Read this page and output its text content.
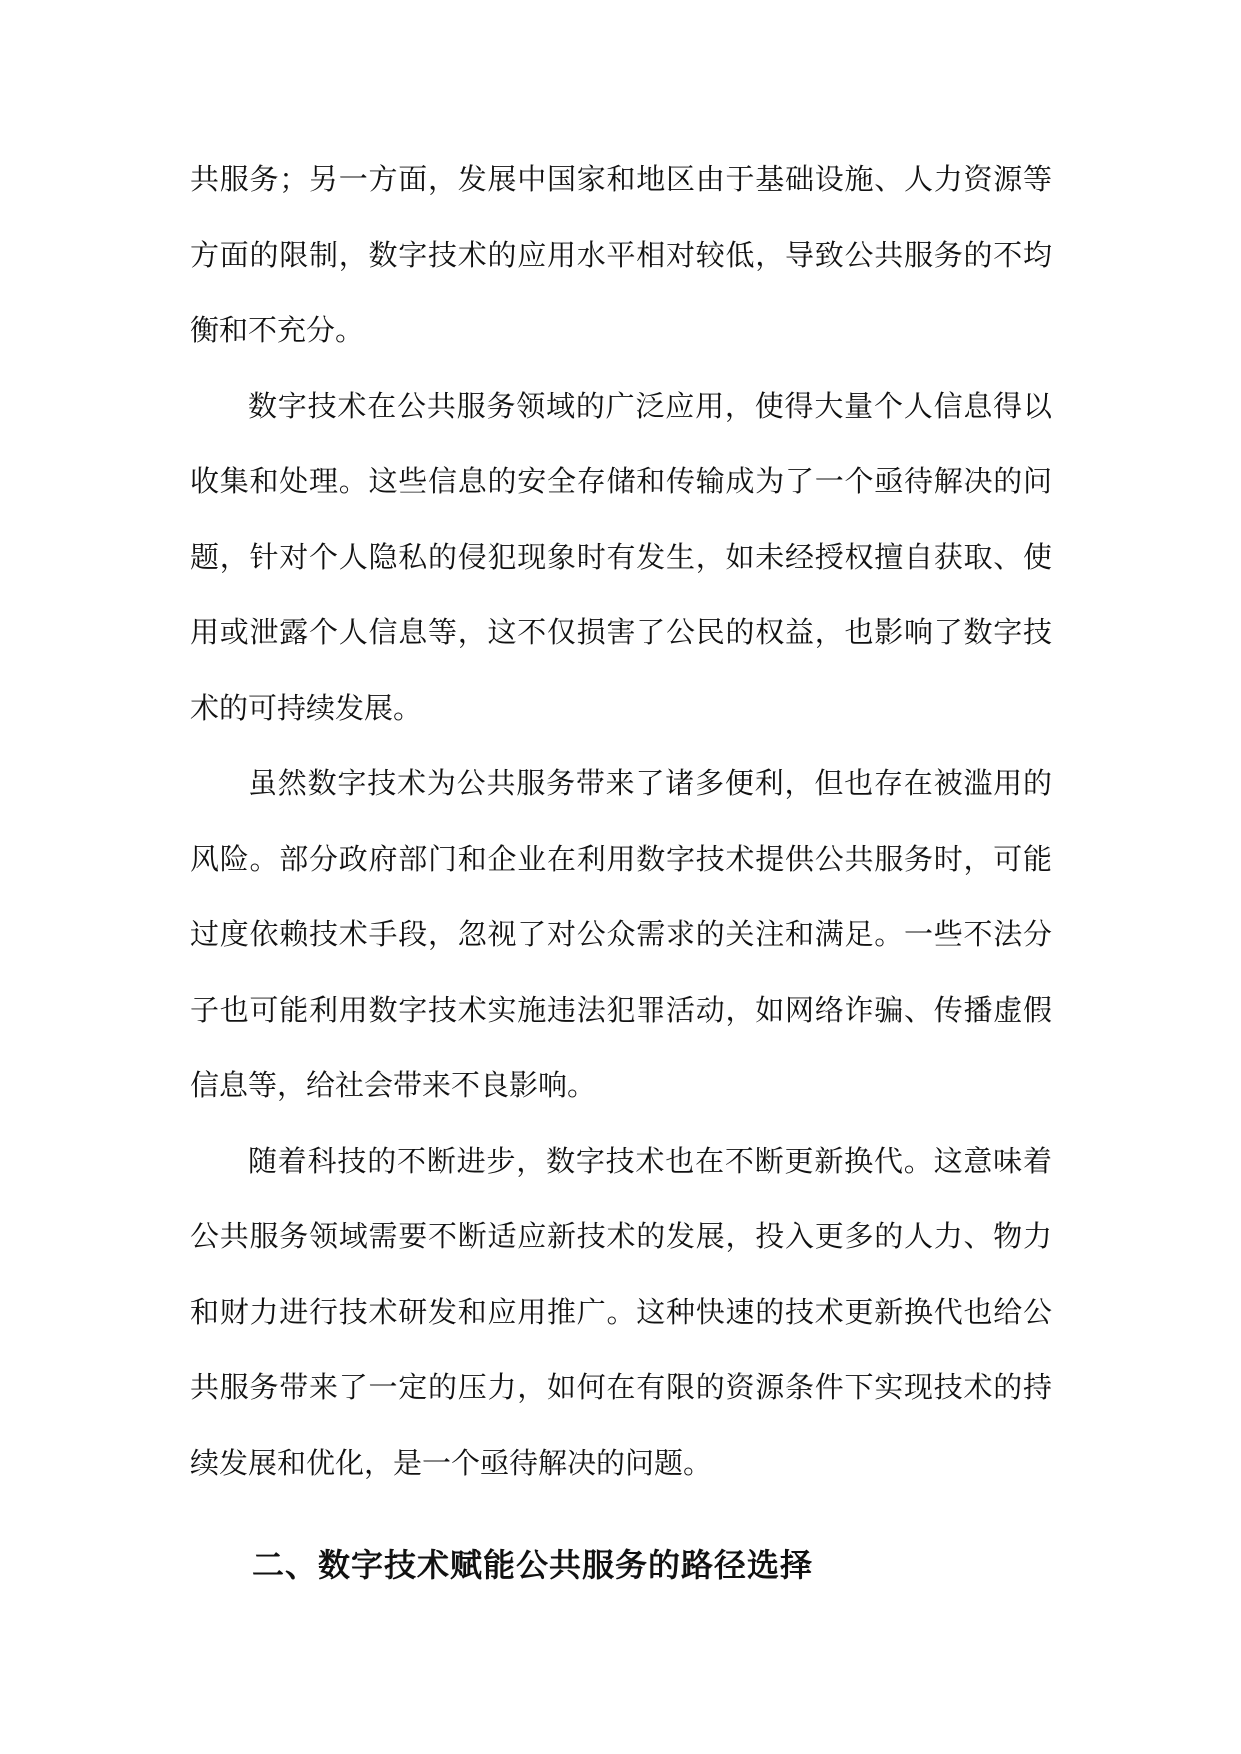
共服务；另一方面，发展中国家和地区由于基础设施、人力资源等方面的限制，数字技术的应用水平相对较低，导致公共服务的不均衡和不充分。

数字技术在公共服务领域的广泛应用，使得大量个人信息得以收集和处理。这些信息的安全存储和传输成为了一个亟待解决的问题，针对个人隐私的侵犯现象时有发生，如未经授权擅自获取、使用或泄露个人信息等，这不仅损害了公民的权益，也影响了数字技术的可持续发展。

虽然数字技术为公共服务带来了诸多便利，但也存在被滥用的风险。部分政府部门和企业在利用数字技术提供公共服务时，可能过度依赖技术手段，忽视了对公众需求的关注和满足。一些不法分子也可能利用数字技术实施违法犯罪活动，如网络诈骗、传播虚假信息等，给社会带来不良影响。

随着科技的不断进步，数字技术也在不断更新换代。这意味着公共服务领域需要不断适应新技术的发展，投入更多的人力、物力和财力进行技术研发和应用推广。这种快速的技术更新换代也给公共服务带来了一定的压力，如何在有限的资源条件下实现技术的持续发展和优化，是一个亟待解决的问题。

二、数字技术赋能公共服务的路径选择
